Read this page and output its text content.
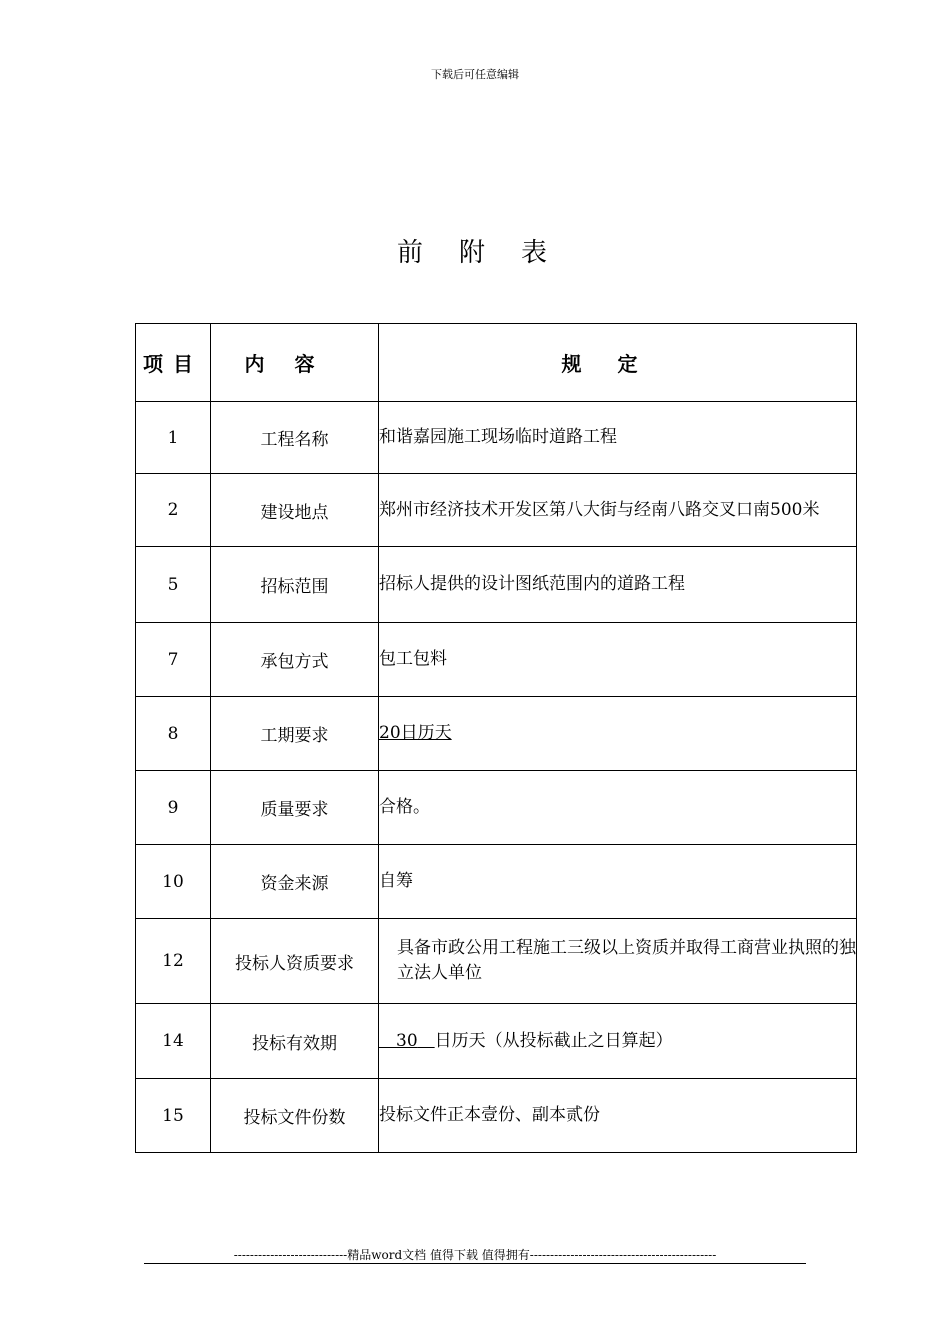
下载后可任意编辑
前附表
项目	内容	规定
1	工程名称	和谐嘉园施工现场临时道路工程
2	建设地点	郑州市经济技术开发区第八大街与经南八路交叉口南500米
5	招标范围	招标人提供的设计图纸范围内的道路工程
7	承包方式	包工包料
8	工期要求	20日历天
9	质量要求	合格。
10	资金来源	自筹
12	投标人资质要求	具备市政公用工程施工三级以上资质并取得工商营业执照的独立法人单位
14	投标有效期	  30   日历天（从投标截止之日算起）
15	投标文件份数	投标文件正本壹份、副本贰份
----------------------------精品word文档 值得下载 值得拥有----------------------------------------------
